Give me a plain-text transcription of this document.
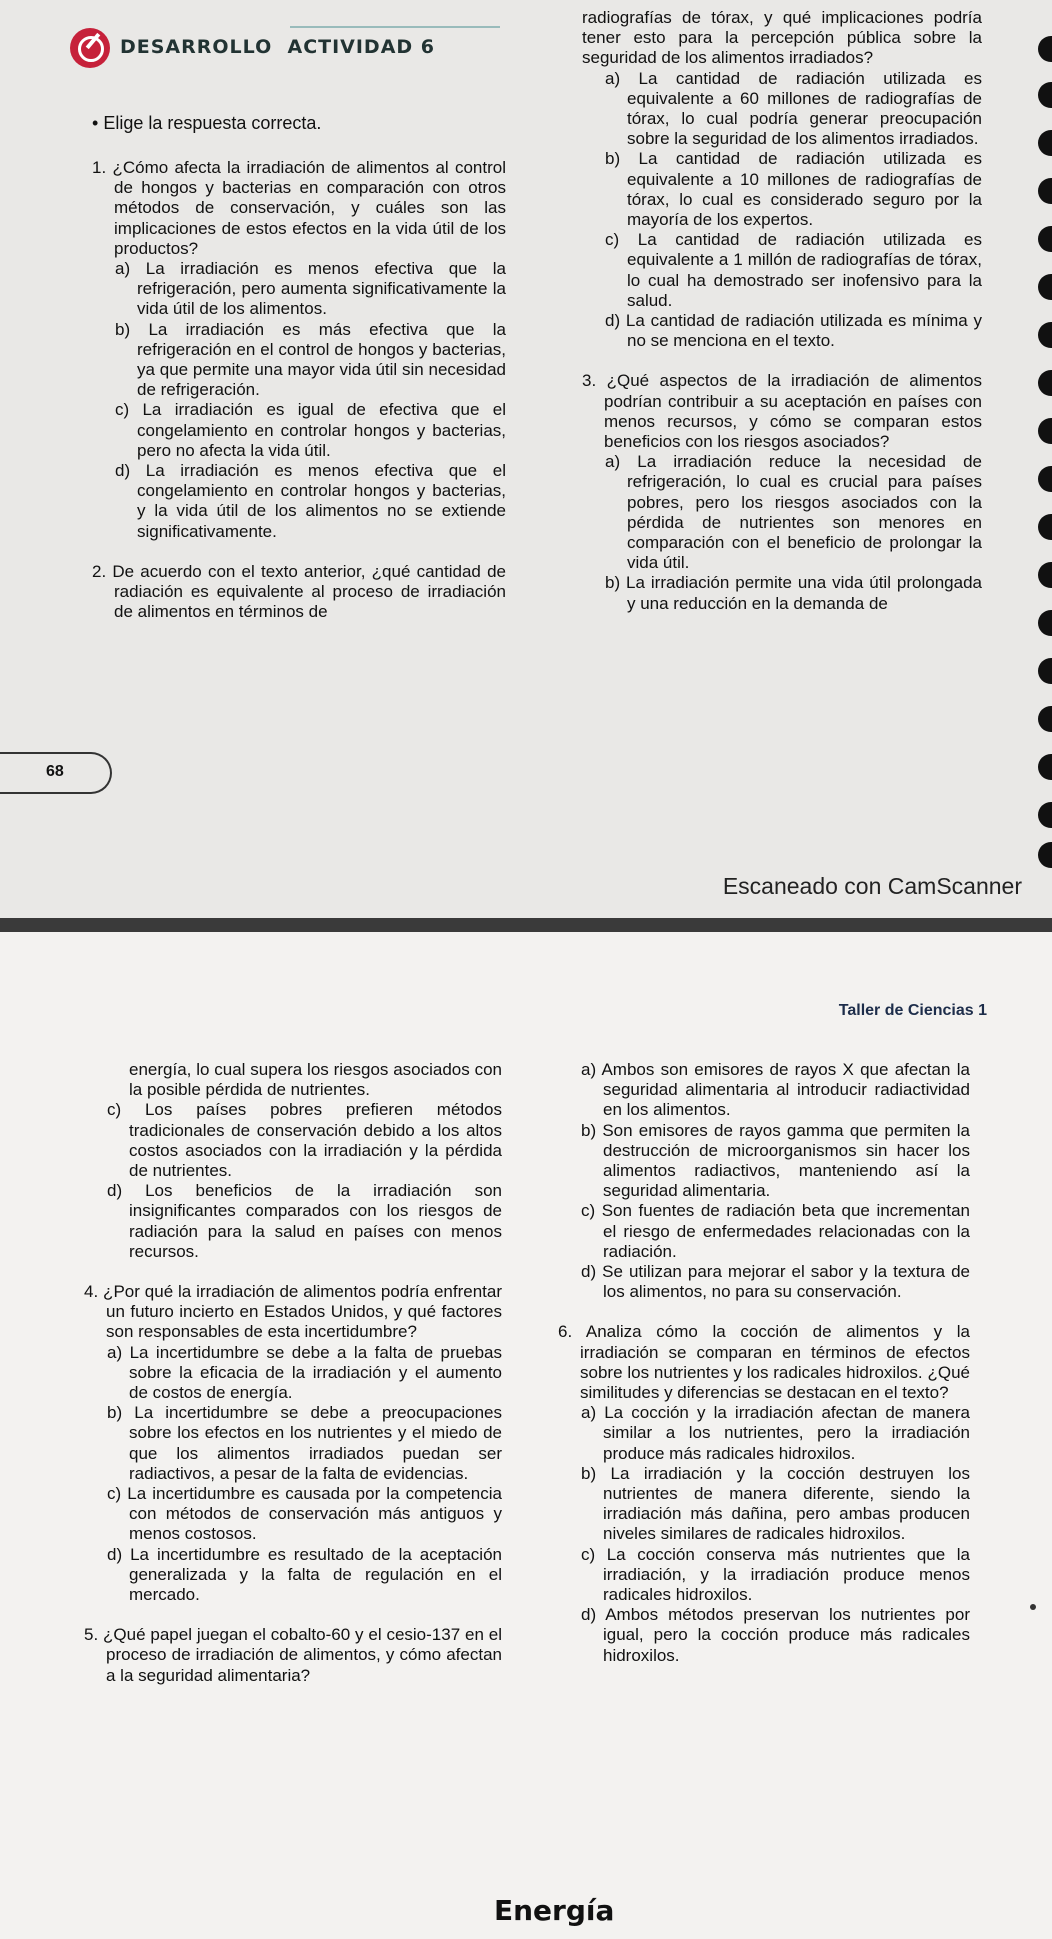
DESARROLLO ACTIVIDAD 6
• Elige la respuesta correcta.

1. ¿Cómo afecta la irradiación de alimentos al control de hongos y bacterias en comparación con otros métodos de conservación, y cuáles son las implicaciones de estos efectos en la vida útil de los productos?

a) La irradiación es menos efectiva que la refrigeración, pero aumenta significativamente la vida útil de los alimentos.

b) La irradiación es más efectiva que la refrigeración en el control de hongos y bacterias, ya que permite una mayor vida útil sin necesidad de refrigeración.

c) La irradiación es igual de efectiva que el congelamiento en controlar hongos y bacterias, pero no afecta la vida útil.

d) La irradiación es menos efectiva que el congelamiento en controlar hongos y bacterias, y la vida útil de los alimentos no se extiende significativamente.

2. De acuerdo con el texto anterior, ¿qué cantidad de radiación es equivalente al proceso de irradiación de alimentos en términos de

radiografías de tórax, y qué implicaciones podría tener esto para la percepción pública sobre la seguridad de los alimentos irradiados?

a) La cantidad de radiación utilizada es equivalente a 60 millones de radiografías de tórax, lo cual podría generar preocupación sobre la seguridad de los alimentos irradiados.

b) La cantidad de radiación utilizada es equivalente a 10 millones de radiografías de tórax, lo cual es considerado seguro por la mayoría de los expertos.

c) La cantidad de radiación utilizada es equivalente a 1 millón de radiografías de tórax, lo cual ha demostrado ser inofensivo para la salud.

d) La cantidad de radiación utilizada es mínima y no se menciona en el texto.

3. ¿Qué aspectos de la irradiación de alimentos podrían contribuir a su aceptación en países con menos recursos, y cómo se comparan estos beneficios con los riesgos asociados?

a) La irradiación reduce la necesidad de refrigeración, lo cual es crucial para países pobres, pero los riesgos asociados con la pérdida de nutrientes son menores en comparación con el beneficio de prolongar la vida útil.

b) La irradiación permite una vida útil prolongada y una reducción en la demanda de

68
Escaneado con CamScanner
Taller de Ciencias 1

energía, lo cual supera los riesgos asociados con la posible pérdida de nutrientes.

c) Los países pobres prefieren métodos tradicionales de conservación debido a los altos costos asociados con la irradiación y la pérdida de nutrientes.

d) Los beneficios de la irradiación son insignificantes comparados con los riesgos de radiación para la salud en países con menos recursos.

4. ¿Por qué la irradiación de alimentos podría enfrentar un futuro incierto en Estados Unidos, y qué factores son responsables de esta incertidumbre?

a) La incertidumbre se debe a la falta de pruebas sobre la eficacia de la irradiación y el aumento de costos de energía.

b) La incertidumbre se debe a preocupaciones sobre los efectos en los nutrientes y el miedo de que los alimentos irradiados puedan ser radiactivos, a pesar de la falta de evidencias.

c) La incertidumbre es causada por la competencia con métodos de conservación más antiguos y menos costosos.

d) La incertidumbre es resultado de la aceptación generalizada y la falta de regulación en el mercado.

5. ¿Qué papel juegan el cobalto-60 y el cesio-137 en el proceso de irradiación de alimentos, y cómo afectan a la seguridad alimentaria?

a) Ambos son emisores de rayos X que afectan la seguridad alimentaria al introducir radiactividad en los alimentos.

b) Son emisores de rayos gamma que permiten la destrucción de microorganismos sin hacer los alimentos radiactivos, manteniendo así la seguridad alimentaria.

c) Son fuentes de radiación beta que incrementan el riesgo de enfermedades relacionadas con la radiación.

d) Se utilizan para mejorar el sabor y la textura de los alimentos, no para su conservación.

6. Analiza cómo la cocción de alimentos y la irradiación se comparan en términos de efectos sobre los nutrientes y los radicales hidroxilos. ¿Qué similitudes y diferencias se destacan en el texto?

a) La cocción y la irradiación afectan de manera similar a los nutrientes, pero la irradiación produce más radicales hidroxilos.

b) La irradiación y la cocción destruyen los nutrientes de manera diferente, siendo la irradiación más dañina, pero ambas producen niveles similares de radicales hidroxilos.

c) La cocción conserva más nutrientes que la irradiación, y la irradiación produce menos radicales hidroxilos.

d) Ambos métodos preservan los nutrientes por igual, pero la cocción produce más radicales hidroxilos.

Energía
